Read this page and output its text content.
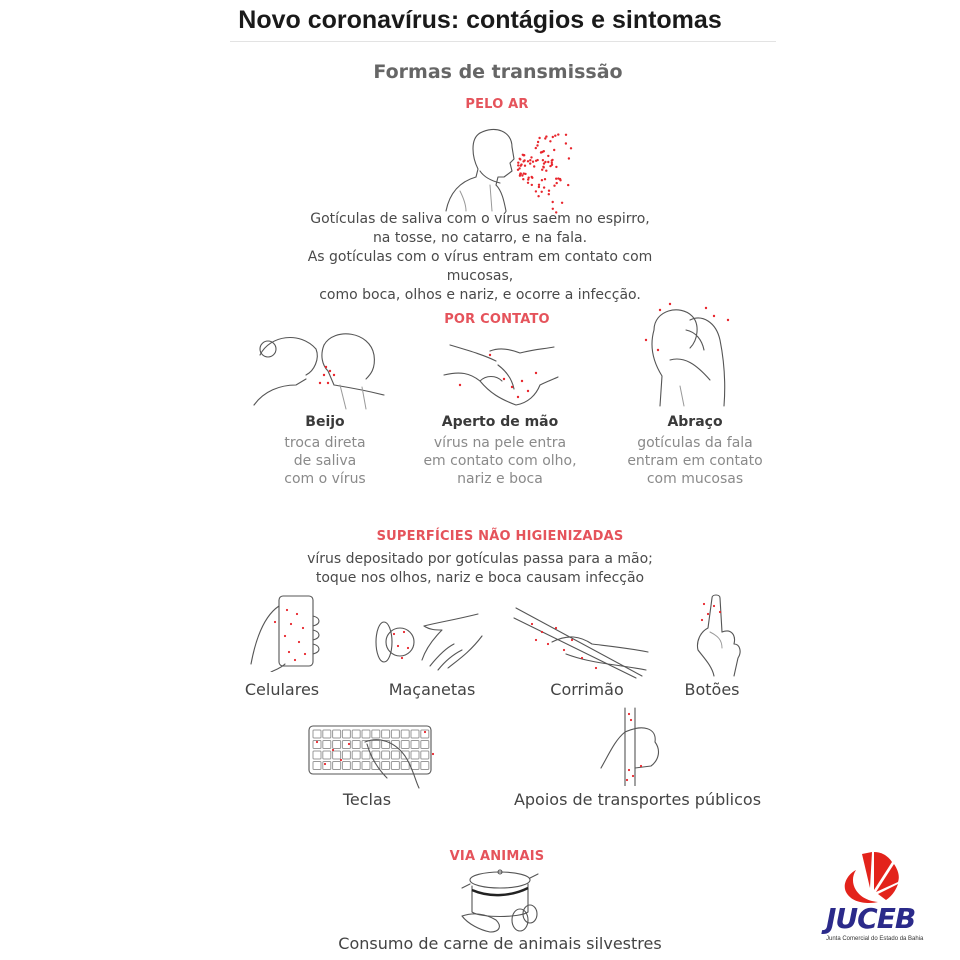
Novo coronavírus: contágios e sintomas
Formas de transmissão
PELO AR
Gotículas de saliva com o vírus saem no espirro,
na tosse, no catarro, e na fala.
As gotículas com o vírus entram em contato com mucosas,
como boca, olhos e nariz, e ocorre a infecção.
POR CONTATO
Beijo
troca direta
de saliva
com o vírus
Aperto de mão
vírus na pele entra
em contato com olho,
nariz e boca
Abraço
gotículas da fala
entram em contato
com mucosas
SUPERFÍCIES NÃO HIGIENIZADAS
vírus depositado por gotículas passa para a mão;
toque nos olhos, nariz e boca causam infecção
Celulares	Maçanetas	Corrimão	Botões
Teclas	Apoios de transportes públicos
VIA ANIMAIS
Consumo de carne de animais silvestres
JUCEB
Junta Comercial do Estado da Bahia
